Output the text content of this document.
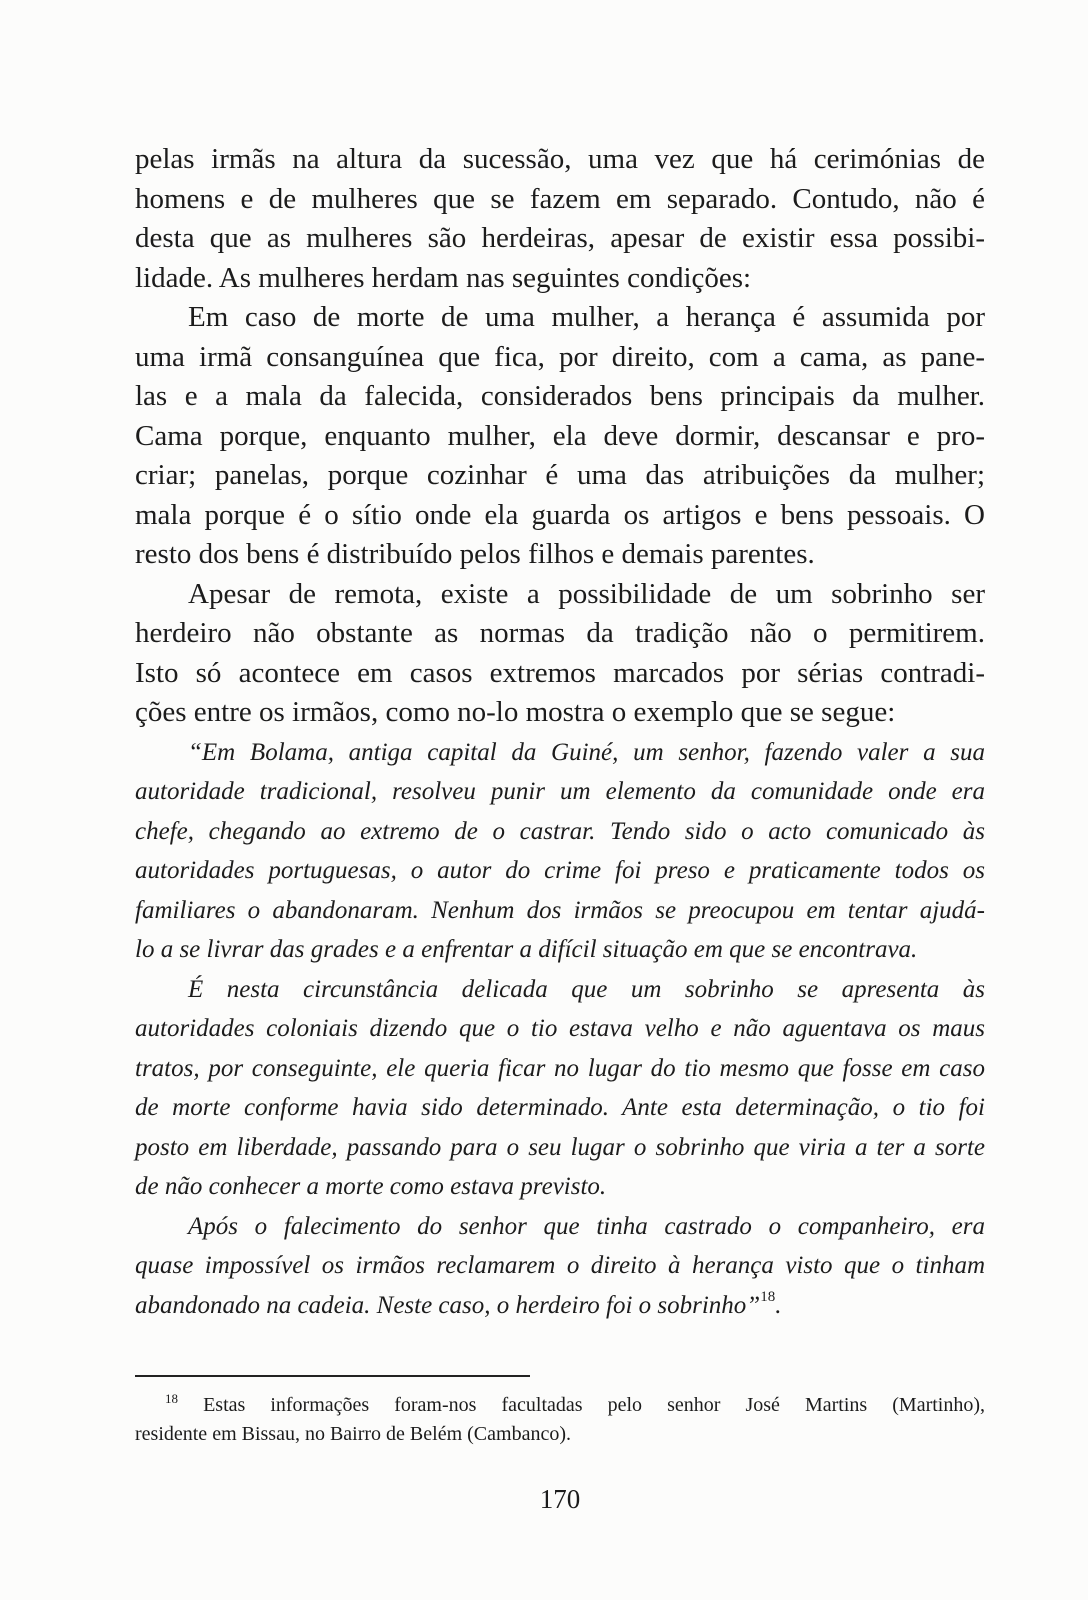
pelas irmãs na altura da sucessão, uma vez que há cerimónias de
homens e de mulheres que se fazem em separado. Contudo, não é
desta que as mulheres são herdeiras, apesar de existir essa possibi-
lidade. As mulheres herdam nas seguintes condições:
Em caso de morte de uma mulher, a herança é assumida por
uma irmã consanguínea que fica, por direito, com a cama, as pane-
las e a mala da falecida, considerados bens principais da mulher.
Cama porque, enquanto mulher, ela deve dormir, descansar e pro-
criar; panelas, porque cozinhar é uma das atribuições da mulher;
mala porque é o sítio onde ela guarda os artigos e bens pessoais. O
resto dos bens é distribuído pelos filhos e demais parentes.
Apesar de remota, existe a possibilidade de um sobrinho ser
herdeiro não obstante as normas da tradição não o permitirem.
Isto só acontece em casos extremos marcados por sérias contradi-
ções entre os irmãos, como no-lo mostra o exemplo que se segue:
“Em Bolama, antiga capital da Guiné, um senhor, fazendo valer a sua
autoridade tradicional, resolveu punir um elemento da comunidade onde era
chefe, chegando ao extremo de o castrar. Tendo sido o acto comunicado às
autoridades portuguesas, o autor do crime foi preso e praticamente todos os
familiares o abandonaram. Nenhum dos irmãos se preocupou em tentar ajudá-
lo a se livrar das grades e a enfrentar a difícil situação em que se encontrava.
É nesta circunstância delicada que um sobrinho se apresenta às
autoridades coloniais dizendo que o tio estava velho e não aguentava os maus
tratos, por conseguinte, ele queria ficar no lugar do tio mesmo que fosse em caso
de morte conforme havia sido determinado. Ante esta determinação, o tio foi
posto em liberdade, passando para o seu lugar o sobrinho que viria a ter a sorte
de não conhecer a morte como estava previsto.
Após o falecimento do senhor que tinha castrado o companheiro, era
quase impossível os irmãos reclamarem o direito à herança visto que o tinham
abandonado na cadeia. Neste caso, o herdeiro foi o sobrinho”$^{18}$.
$^{18}$ Estas informações foram-nos facultadas pelo senhor José Martins (Martinho),
residente em Bissau, no Bairro de Belém (Cambanco).
170
